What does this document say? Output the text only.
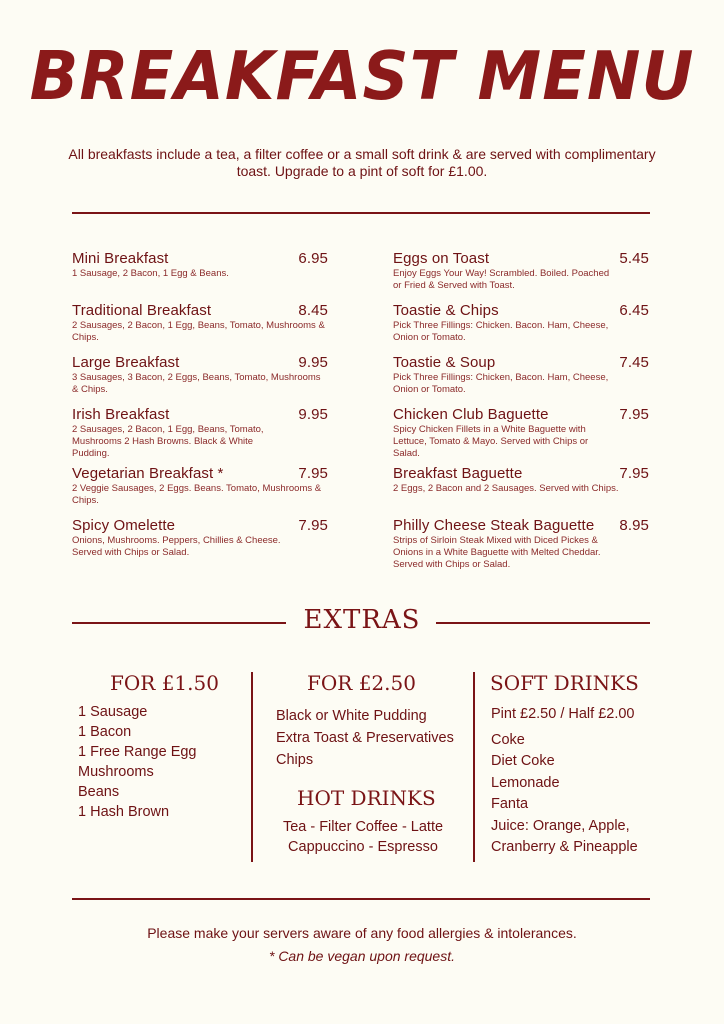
BREAKFAST MENU
All breakfasts include a tea, a filter coffee or a small soft drink & are served with complimentary toast. Upgrade to a pint of soft for £1.00.
Mini Breakfast	6.95
1 Sausage, 2 Bacon, 1 Egg & Beans.
Traditional Breakfast	8.45
2 Sausages, 2 Bacon, 1 Egg, Beans, Tomato, Mushrooms & Chips.
Large Breakfast	9.95
3 Sausages, 3 Bacon, 2 Eggs, Beans, Tomato, Mushrooms & Chips.
Irish Breakfast	9.95
2 Sausages, 2 Bacon, 1 Egg, Beans, Tomato, Mushrooms 2 Hash Browns. Black & White Pudding.
Vegetarian Breakfast *	7.95
2 Veggie Sausages, 2 Eggs. Beans. Tomato, Mushrooms & Chips.
Spicy Omelette	7.95
Onions, Mushrooms. Peppers, Chillies & Cheese. Served with Chips or Salad.
Eggs on Toast	5.45
Enjoy Eggs Your Way! Scrambled. Boiled. Poached or Fried & Served with Toast.
Toastie & Chips	6.45
Pick Three Fillings: Chicken. Bacon. Ham, Cheese, Onion or Tomato.
Toastie & Soup	7.45
Pick Three Fillings: Chicken, Bacon. Ham, Cheese, Onion or Tomato.
Chicken Club Baguette	7.95
Spicy Chicken Fillets in a White Baguette with Lettuce, Tomato & Mayo. Served with Chips or Salad.
Breakfast Baguette	7.95
2 Eggs, 2 Bacon and 2 Sausages. Served with Chips.
Philly Cheese Steak Baguette 8.95
Strips of Sirloin Steak Mixed with Diced Pickes & Onions in a White Baguette with Melted Cheddar. Served with Chips or Salad.
EXTRAS
FOR £1.50
1 Sausage
1 Bacon
1 Free Range Egg
Mushrooms
Beans
1 Hash Brown
FOR £2.50
Black or White Pudding
Extra Toast & Preservatives
Chips
HOT DRINKS
Tea - Filter Coffee - Latte
Cappuccino - Espresso
SOFT DRINKS
Pint £2.50 / Half £2.00
Coke
Diet Coke
Lemonade
Fanta
Juice: Orange, Apple,
Cranberry & Pineapple
Please make your servers aware of any food allergies & intolerances.
* Can be vegan upon request.
